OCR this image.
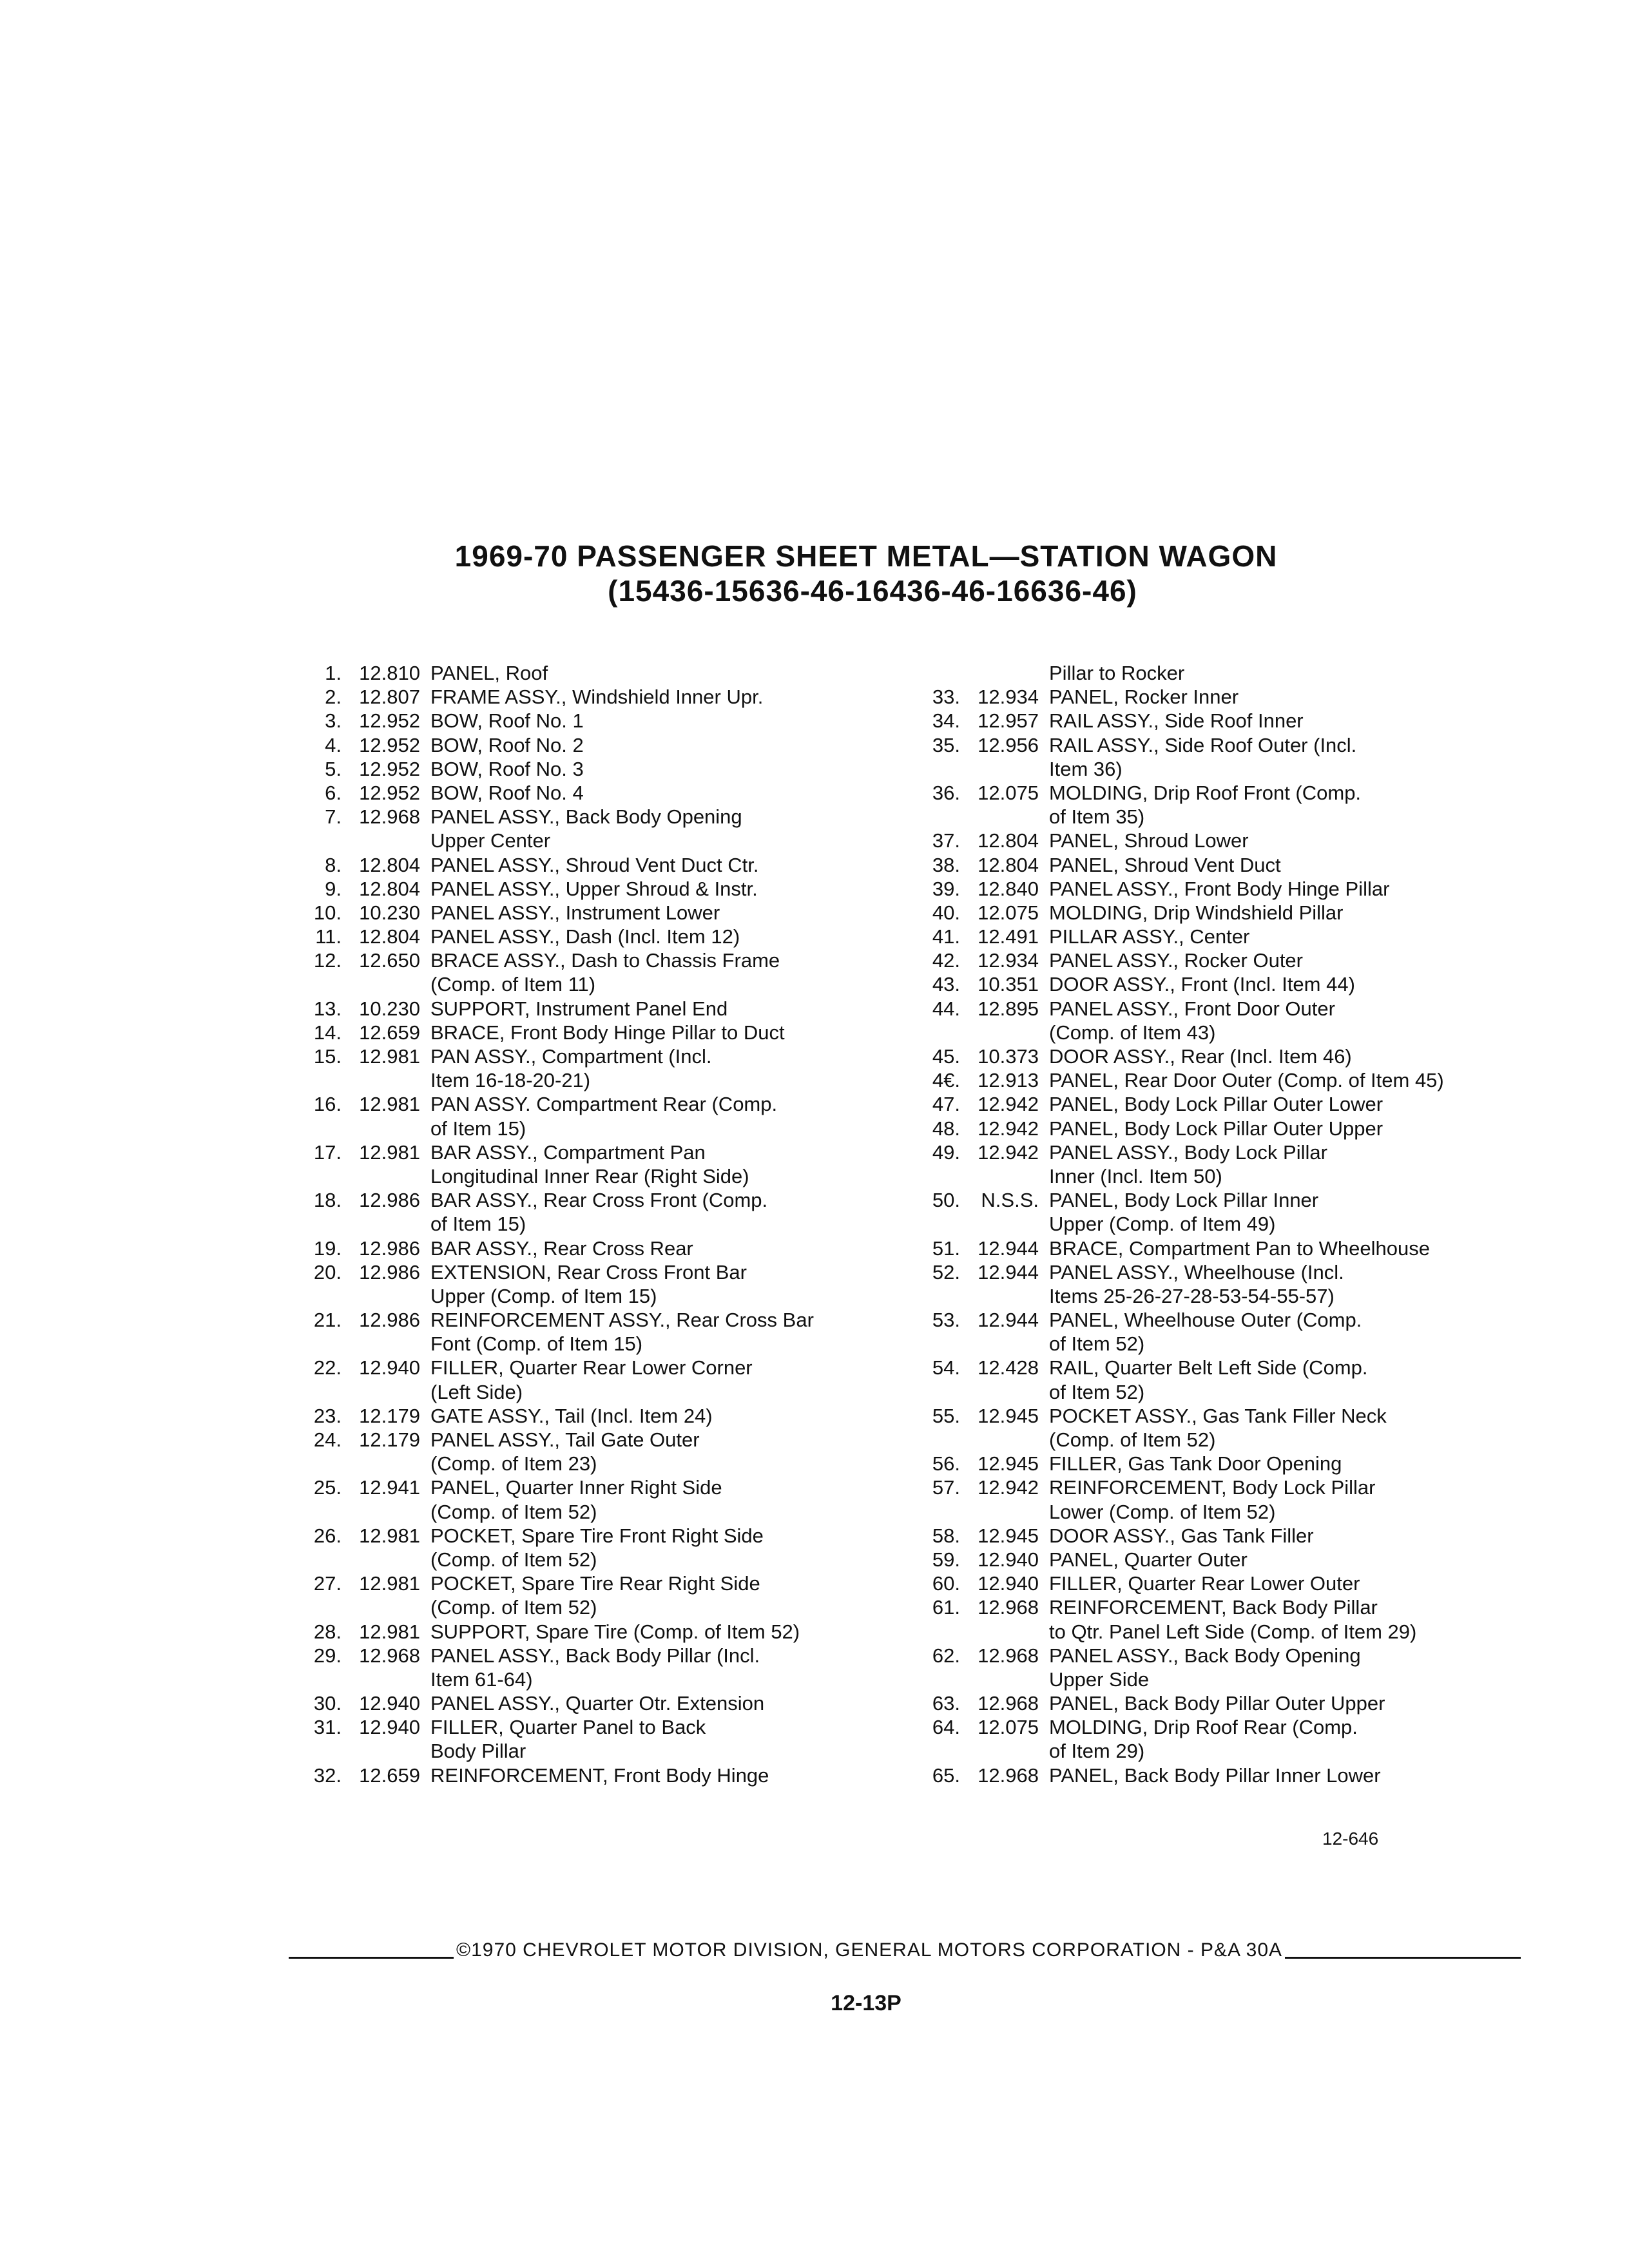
1969-70 PASSENGER SHEET METAL—STATION WAGON
(15436-15636-46-16436-46-16636-46)
1. 12.810 PANEL, Roof
2. 12.807 FRAME ASSY., Windshield Inner Upr.
3. 12.952 BOW, Roof No. 1
4. 12.952 BOW, Roof No. 2
5. 12.952 BOW, Roof No. 3
6. 12.952 BOW, Roof No. 4
7. 12.968 PANEL ASSY., Back Body Opening
Upper Center
8. 12.804 PANEL ASSY., Shroud Vent Duct Ctr.
9. 12.804 PANEL ASSY., Upper Shroud & Instr.
10. 10.230 PANEL ASSY., Instrument Lower
11. 12.804 PANEL ASSY., Dash (Incl. Item 12)
12. 12.650 BRACE ASSY., Dash to Chassis Frame
(Comp. of Item 11)
13. 10.230 SUPPORT, Instrument Panel End
14. 12.659 BRACE, Front Body Hinge Pillar to Duct
15. 12.981 PAN ASSY., Compartment (Incl.
Item 16-18-20-21)
16. 12.981 PAN ASSY. Compartment Rear (Comp.
of Item 15)
17. 12.981 BAR ASSY., Compartment Pan
Longitudinal Inner Rear (Right Side)
18. 12.986 BAR ASSY., Rear Cross Front (Comp.
of Item 15)
19. 12.986 BAR ASSY., Rear Cross Rear
20. 12.986 EXTENSION, Rear Cross Front Bar
Upper (Comp. of Item 15)
21. 12.986 REINFORCEMENT ASSY., Rear Cross Bar
Font (Comp. of Item 15)
22. 12.940 FILLER, Quarter Rear Lower Corner
(Left Side)
23. 12.179 GATE ASSY., Tail (Incl. Item 24)
24. 12.179 PANEL ASSY., Tail Gate Outer
(Comp. of Item 23)
25. 12.941 PANEL, Quarter Inner Right Side
(Comp. of Item 52)
26. 12.981 POCKET, Spare Tire Front Right Side
(Comp. of Item 52)
27. 12.981 POCKET, Spare Tire Rear Right Side
(Comp. of Item 52)
28. 12.981 SUPPORT, Spare Tire (Comp. of Item 52)
29. 12.968 PANEL ASSY., Back Body Pillar (Incl.
Item 61-64)
30. 12.940 PANEL ASSY., Quarter Otr. Extension
31. 12.940 FILLER, Quarter Panel to Back
Body Pillar
32. 12.659 REINFORCEMENT, Front Body Hinge
Pillar to Rocker
33. 12.934 PANEL, Rocker Inner
34. 12.957 RAIL ASSY., Side Roof Inner
35. 12.956 RAIL ASSY., Side Roof Outer (Incl.
Item 36)
36. 12.075 MOLDING, Drip Roof Front (Comp.
of Item 35)
37. 12.804 PANEL, Shroud Lower
38. 12.804 PANEL, Shroud Vent Duct
39. 12.840 PANEL ASSY., Front Body Hinge Pillar
40. 12.075 MOLDING, Drip Windshield Pillar
41. 12.491 PILLAR ASSY., Center
42. 12.934 PANEL ASSY., Rocker Outer
43. 10.351 DOOR ASSY., Front (Incl. Item 44)
44. 12.895 PANEL ASSY., Front Door Outer
(Comp. of Item 43)
45. 10.373 DOOR ASSY., Rear (Incl. Item 46)
4€. 12.913 PANEL, Rear Door Outer (Comp. of Item 45)
47. 12.942 PANEL, Body Lock Pillar Outer Lower
48. 12.942 PANEL, Body Lock Pillar Outer Upper
49. 12.942 PANEL ASSY., Body Lock Pillar
Inner (Incl. Item 50)
50.	N.S.S. PANEL, Body Lock Pillar Inner
Upper (Comp. of Item 49)
51. 12.944 BRACE, Compartment Pan to Wheelhouse
52. 12.944 PANEL ASSY., Wheelhouse (Incl.
Items 25-26-27-28-53-54-55-57)
53. 12.944 PANEL, Wheelhouse Outer (Comp.
of Item 52)
54. 12.428 RAIL, Quarter Belt Left Side (Comp.
of Item 52)
55. 12.945 POCKET ASSY., Gas Tank Filler Neck
(Comp. of Item 52)
56. 12.945 FILLER, Gas Tank Door Opening
57. 12.942 REINFORCEMENT, Body Lock Pillar
Lower (Comp. of Item 52)
58. 12.945 DOOR ASSY., Gas Tank Filler
59. 12.940 PANEL, Quarter Outer
60. 12.940 FILLER, Quarter Rear Lower Outer
61. 12.968 REINFORCEMENT, Back Body Pillar
to Qtr. Panel Left Side (Comp. of Item 29)
62. 12.968 PANEL ASSY., Back Body Opening
Upper Side
63. 12.968 PANEL, Back Body Pillar Outer Upper
64. 12.075 MOLDING, Drip Roof Rear (Comp.
of Item 29)
65. 12.968 PANEL, Back Body Pillar Inner Lower
12-646
©1970 CHEVROLET MOTOR DIVISION, GENERAL MOTORS CORPORATION - P&A 30A
12-13P
